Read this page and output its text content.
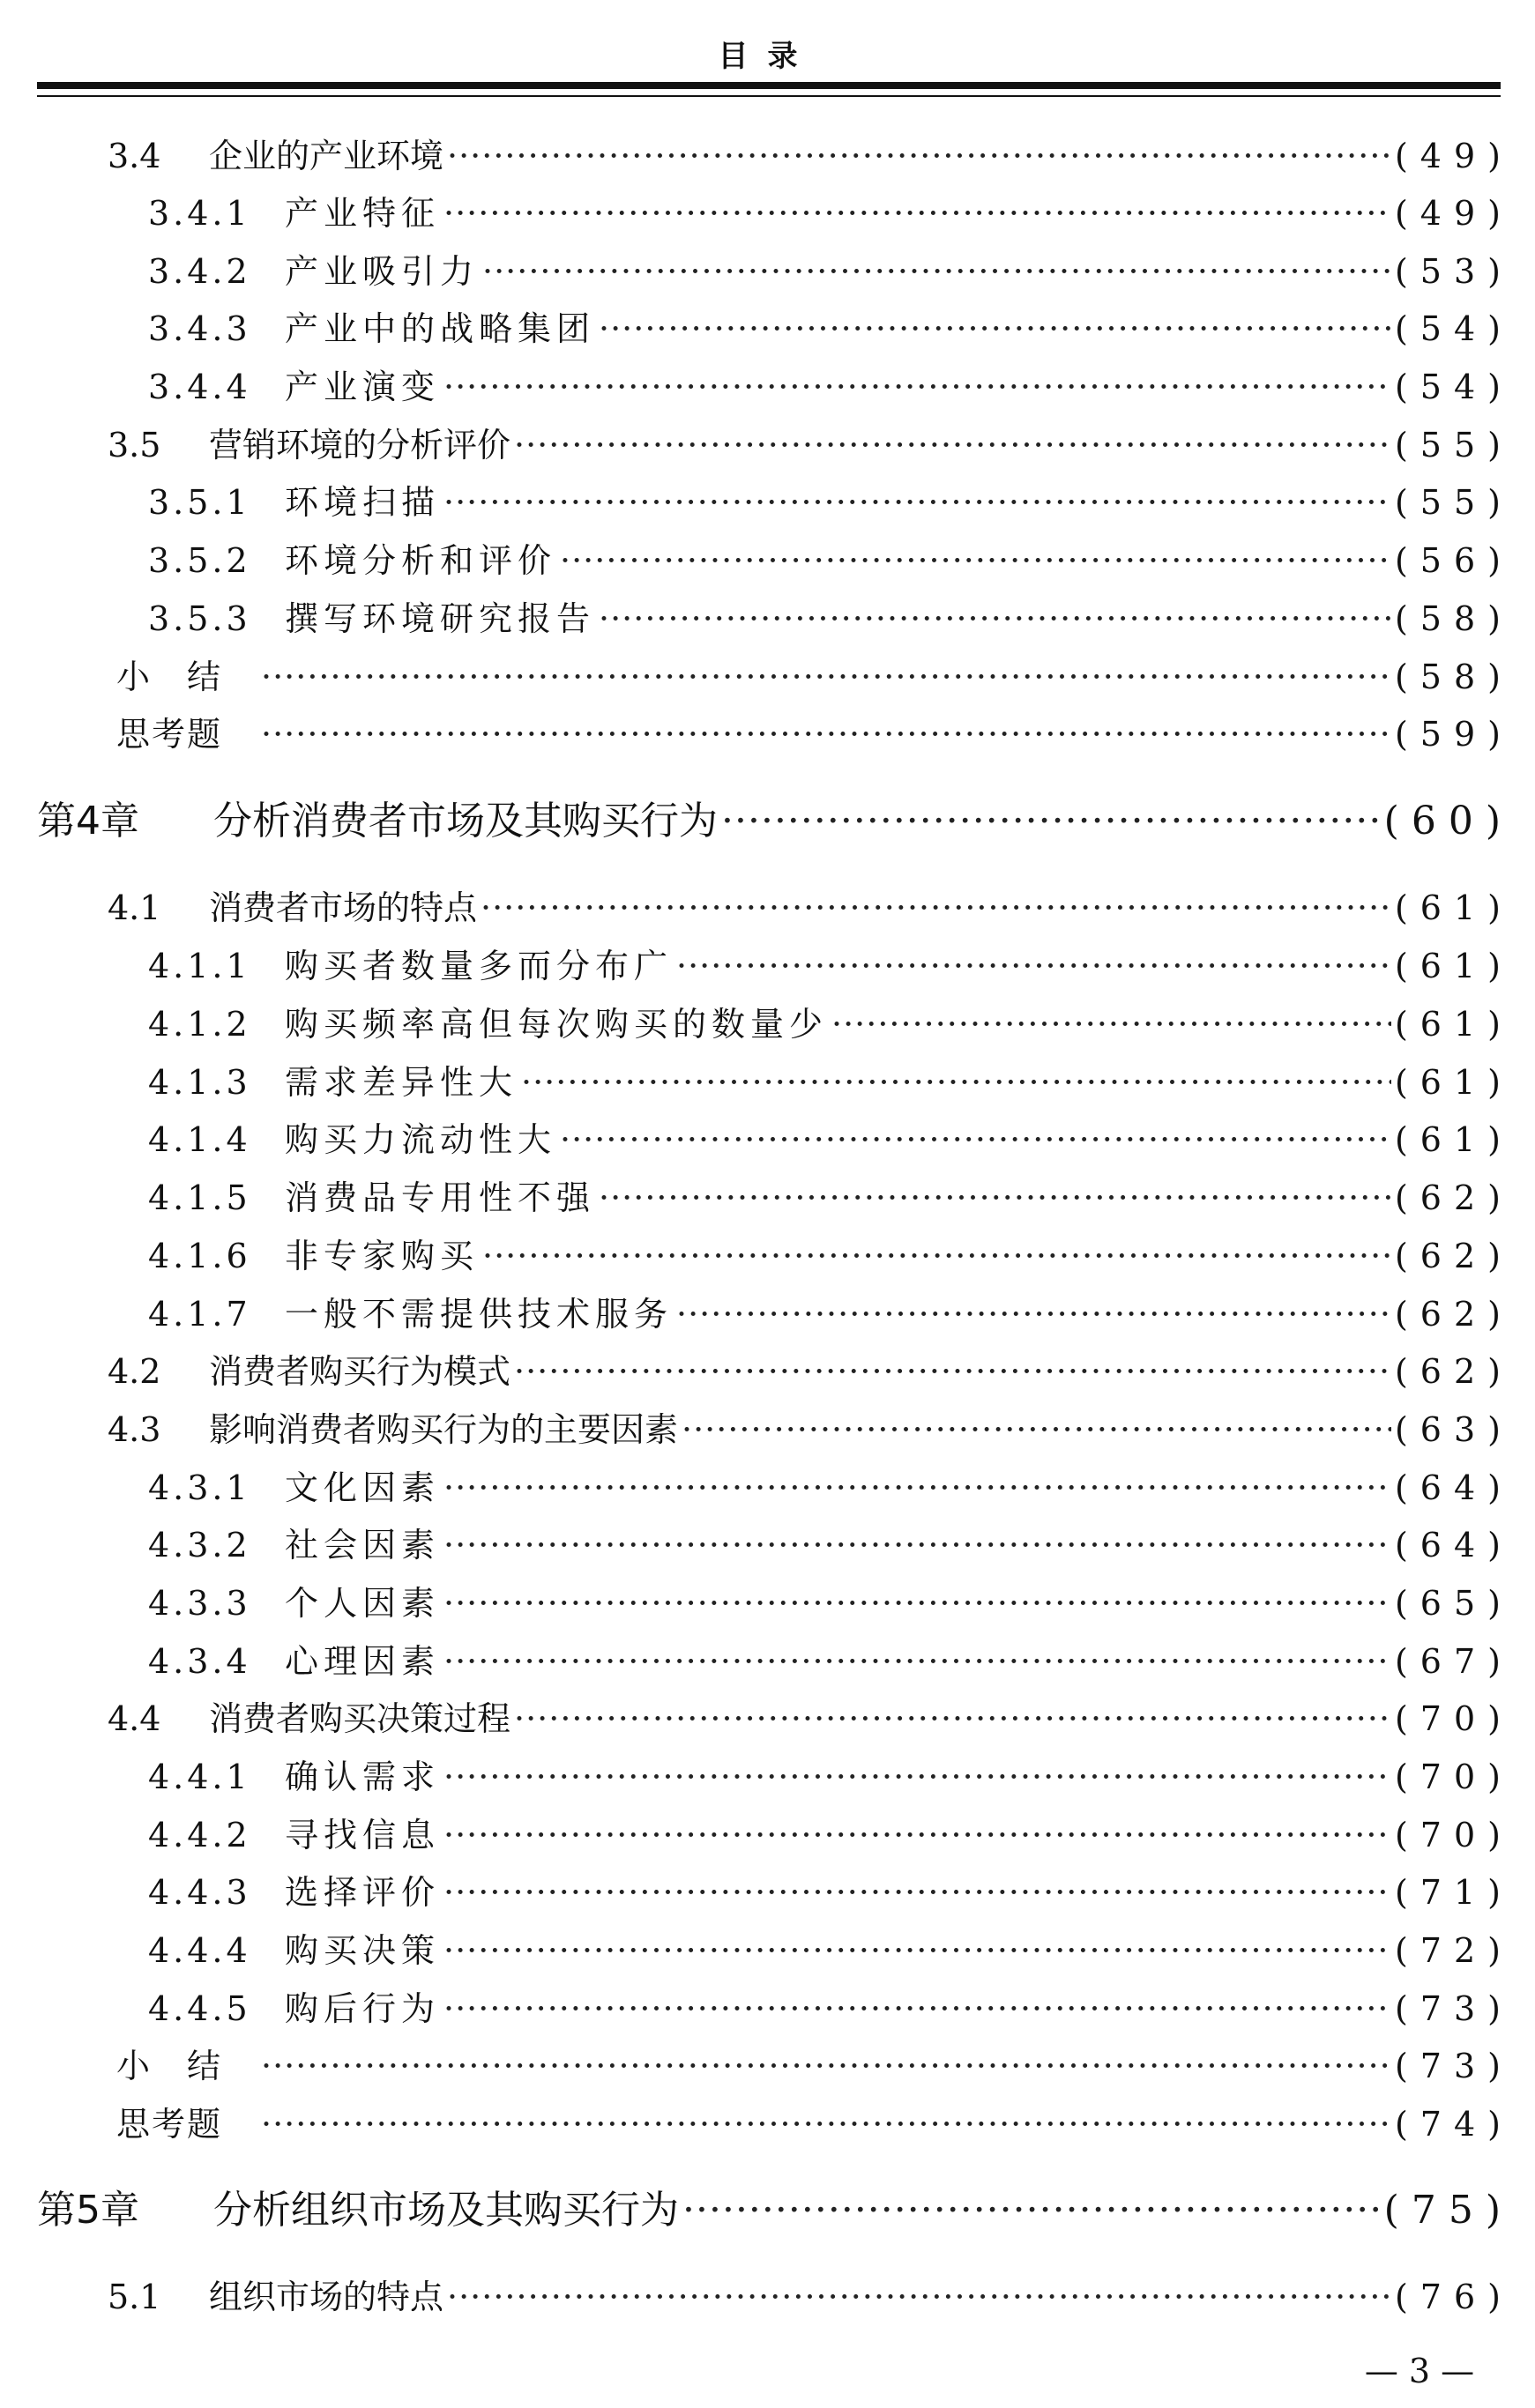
目录
3.4	企业的产业环境 ·····	(49)
3.4.1	产业特征 ·····	(49)
3.4.2	产业吸引力 ·····	(53)
3.4.3	产业中的战略集团 ·····	(54)
3.4.4	产业演变 ·····	(54)
3.5	营销环境的分析评价 ·····	(55)
3.5.1	环境扫描 ·····	(55)
3.5.2	环境分析和评价 ·····	(56)
3.5.3	撰写环境研究报告 ·····	(58)
小　结 ·····	(58)
思考题 ·····	(59)
第4章	分析消费者市场及其购买行为 ·····	(60)
4.1	消费者市场的特点 ·····	(61)
4.1.1	购买者数量多而分布广 ·····	(61)
4.1.2	购买频率高但每次购买的数量少 ·····	(61)
4.1.3	需求差异性大 ·····	(61)
4.1.4	购买力流动性大 ·····	(61)
4.1.5	消费品专用性不强 ·····	(62)
4.1.6	非专家购买 ·····	(62)
4.1.7	一般不需提供技术服务 ·····	(62)
4.2	消费者购买行为模式 ·····	(62)
4.3	影响消费者购买行为的主要因素 ·····	(63)
4.3.1	文化因素 ·····	(64)
4.3.2	社会因素 ·····	(64)
4.3.3	个人因素 ·····	(65)
4.3.4	心理因素 ·····	(67)
4.4	消费者购买决策过程 ·····	(70)
4.4.1	确认需求 ·····	(70)
4.4.2	寻找信息 ·····	(70)
4.4.3	选择评价 ·····	(71)
4.4.4	购买决策 ·····	(72)
4.4.5	购后行为 ·····	(73)
小　结 ·····	(73)
思考题 ·····	(74)
第5章	分析组织市场及其购买行为 ·····	(75)
5.1	组织市场的特点 ·····	(76)
— 3 —
